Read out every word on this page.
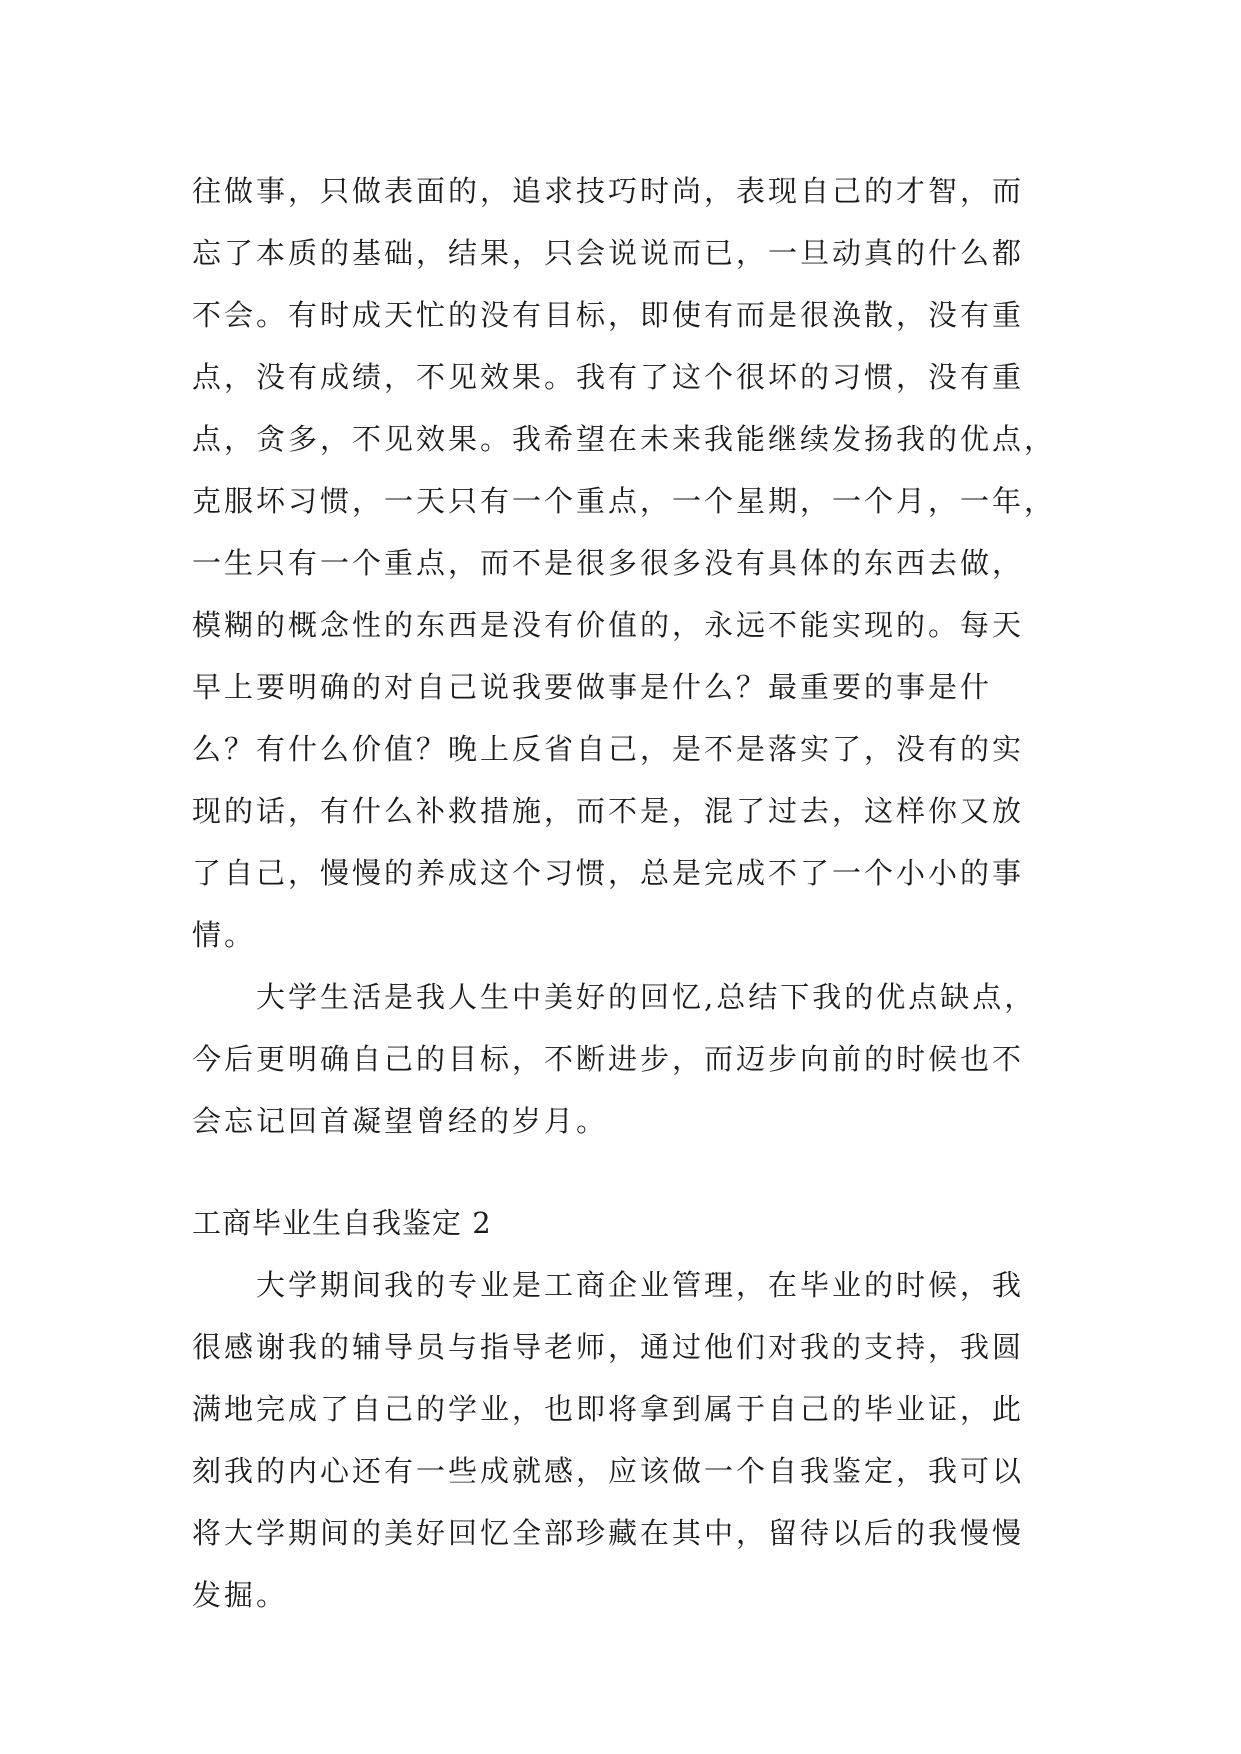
往做事，只做表面的，追求技巧时尚，表现自己的才智，而
忘了本质的基础，结果，只会说说而已，一旦动真的什么都
不会。有时成天忙的没有目标，即使有而是很涣散，没有重
点，没有成绩，不见效果。我有了这个很坏的习惯，没有重
点，贪多，不见效果。我希望在未来我能继续发扬我的优点，
克服坏习惯，一天只有一个重点，一个星期，一个月，一年，
一生只有一个重点，而不是很多很多没有具体的东西去做，
模糊的概念性的东西是没有价值的，永远不能实现的。每天
早上要明确的对自己说我要做事是什么？最重要的事是什
么？有什么价值？晚上反省自己，是不是落实了，没有的实
现的话，有什么补救措施，而不是，混了过去，这样你又放
了自己，慢慢的养成这个习惯，总是完成不了一个小小的事
情。
大学生活是我人生中美好的回忆,总结下我的优点缺点，
今后更明确自己的目标，不断进步，而迈步向前的时候也不
会忘记回首凝望曾经的岁月。
工商毕业生自我鉴定 2
大学期间我的专业是工商企业管理，在毕业的时候，我
很感谢我的辅导员与指导老师，通过他们对我的支持，我圆
满地完成了自己的学业，也即将拿到属于自己的毕业证，此
刻我的内心还有一些成就感，应该做一个自我鉴定，我可以
将大学期间的美好回忆全部珍藏在其中，留待以后的我慢慢
发掘。
